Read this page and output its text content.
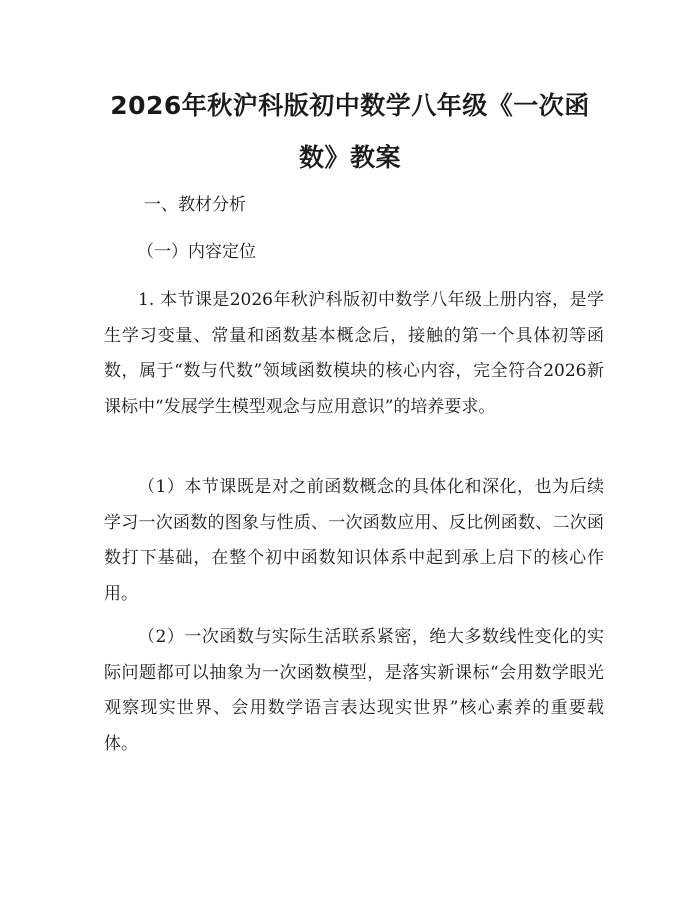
2026年秋沪科版初中数学八年级《一次函数》教案
一、教材分析
（一）内容定位

1. 本节课是2026年秋沪科版初中数学八年级上册内容，是学生学习变量、常量和函数基本概念后，接触的第一个具体初等函数，属于“数与代数”领域函数模块的核心内容，完全符合2026新课标中“发展学生模型观念与应用意识”的培养要求。

（1）本节课既是对之前函数概念的具体化和深化，也为后续学习一次函数的图象与性质、一次函数应用、反比例函数、二次函数打下基础，在整个初中函数知识体系中起到承上启下的核心作用。

（2）一次函数与实际生活联系紧密，绝大多数线性变化的实际问题都可以抽象为一次函数模型，是落实新课标“会用数学眼光观察现实世界、会用数学语言表达现实世界”核心素养的重要载体。
